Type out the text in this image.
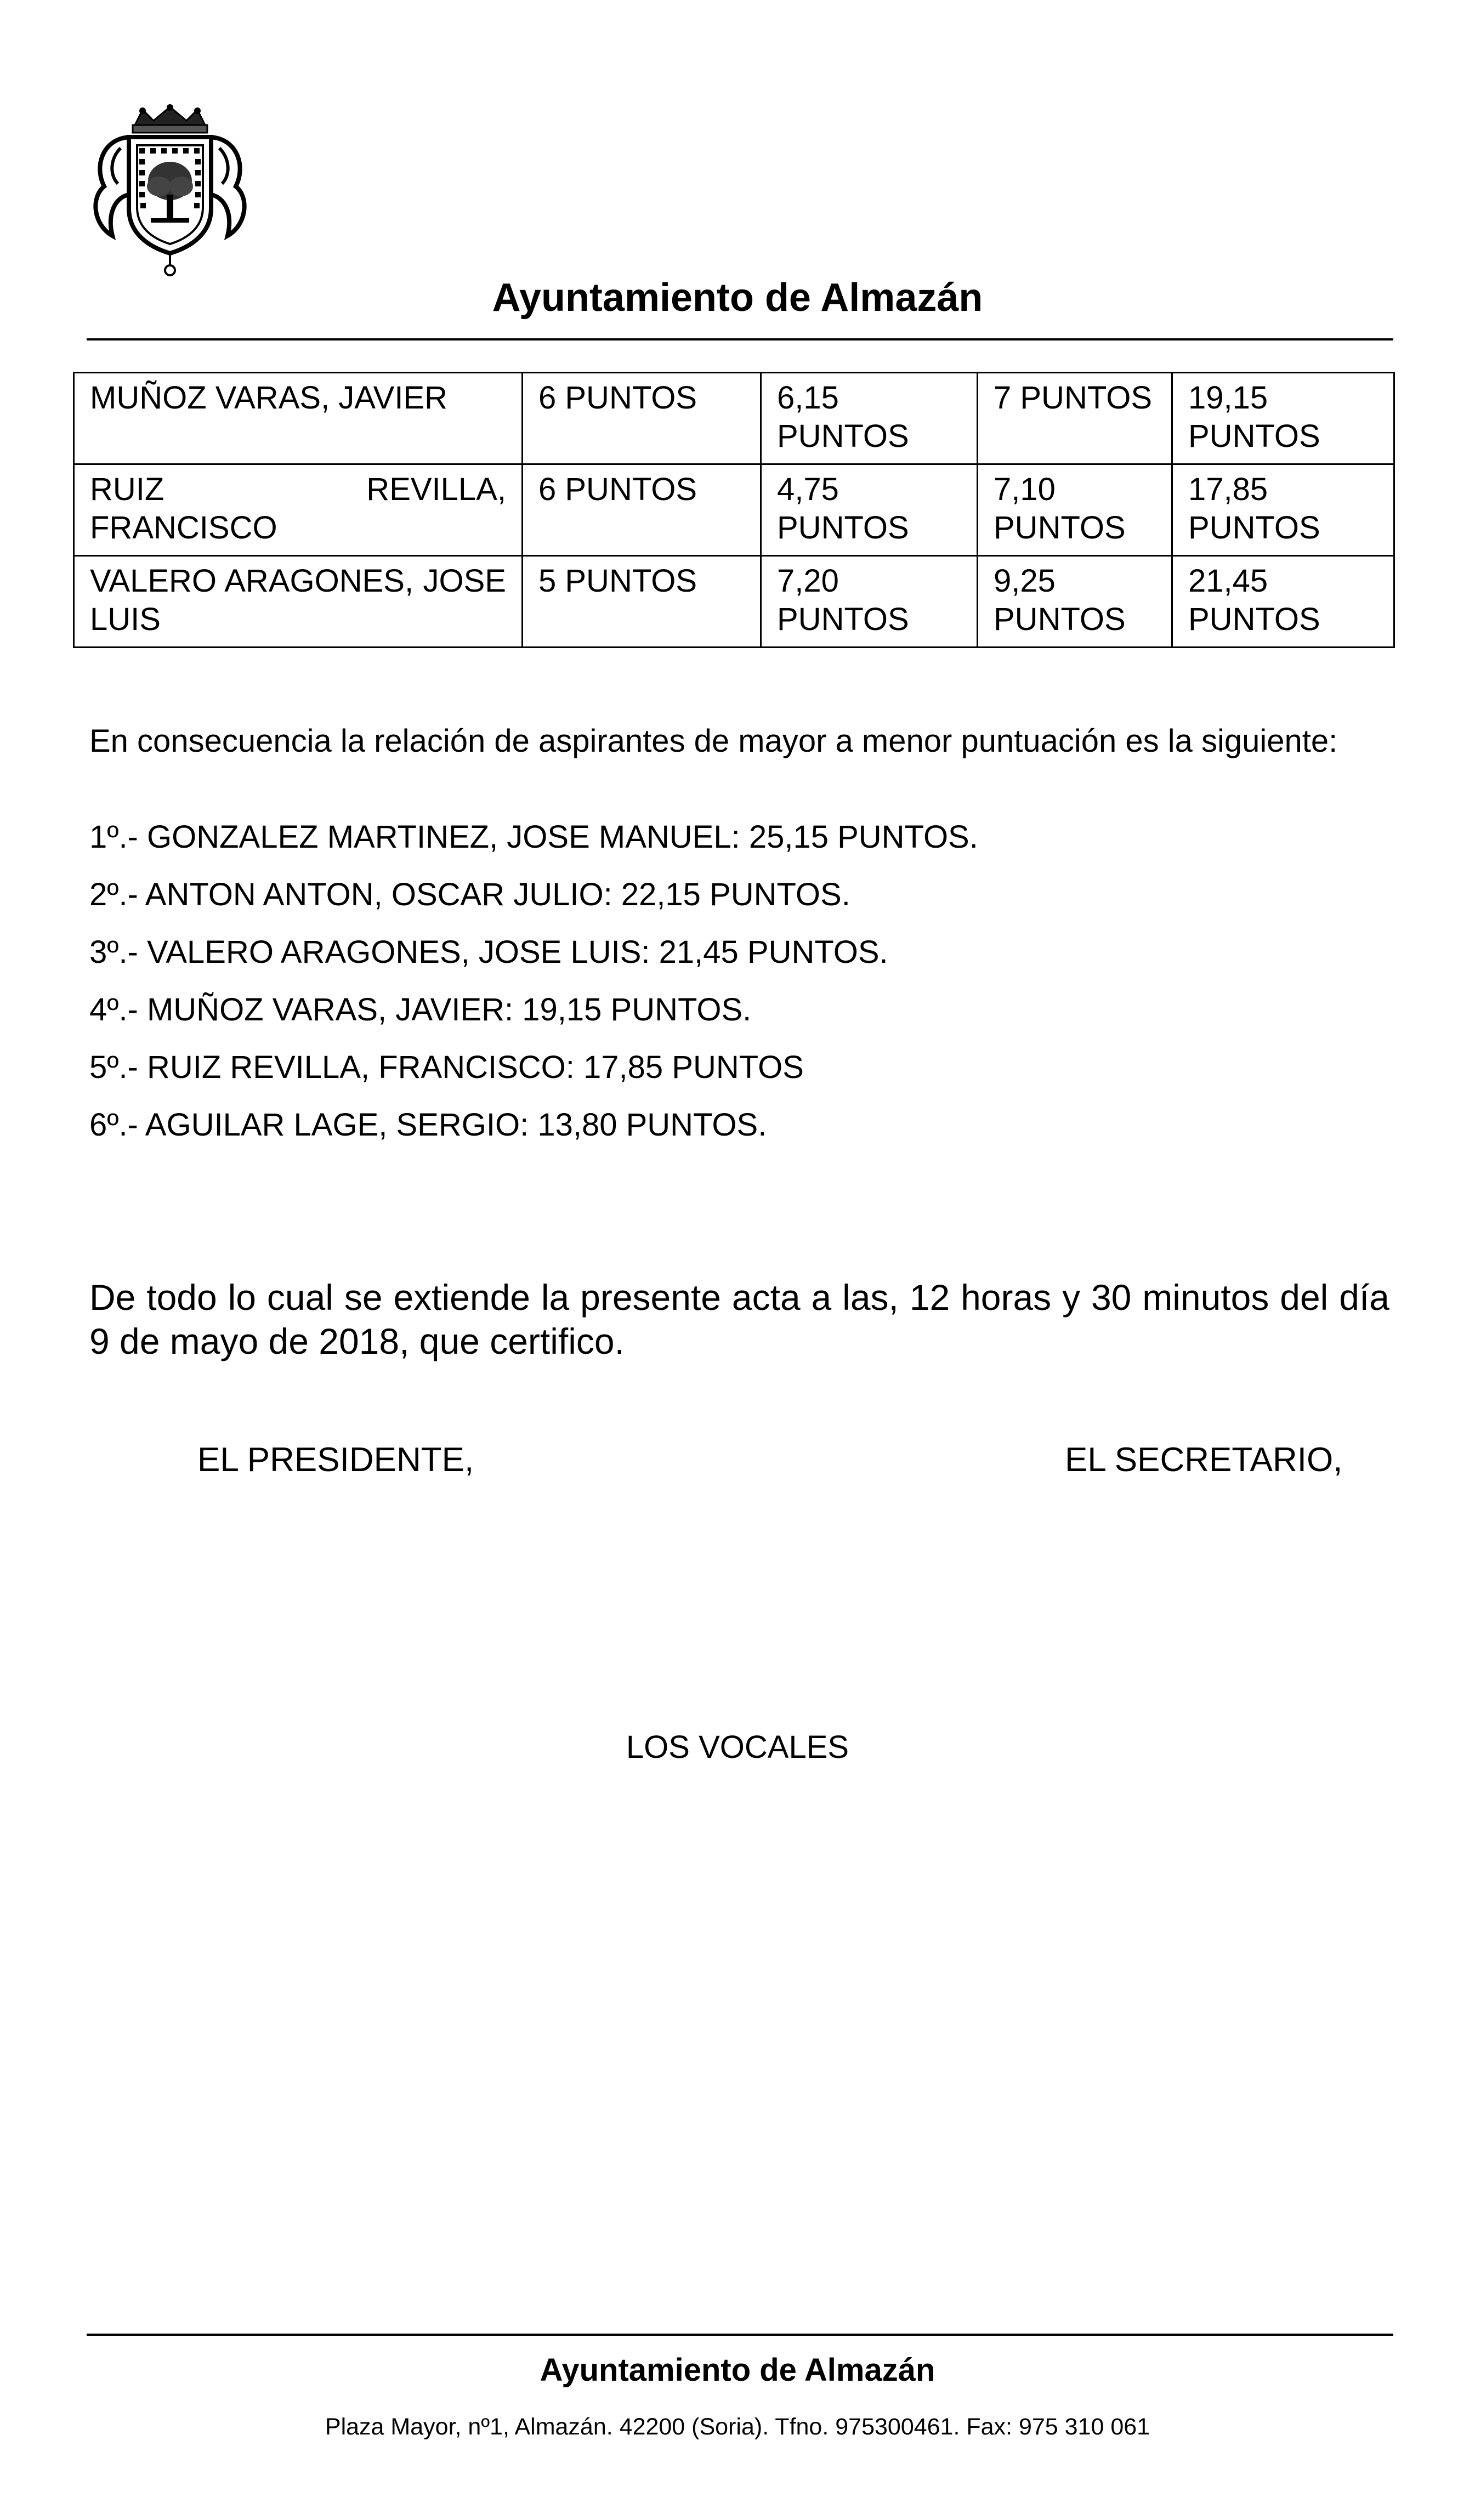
Ayuntamiento de Almazán
MUÑOZ VARAS, JAVIER	6 PUNTOS	6,15 PUNTOS	7 PUNTOS	19,15 PUNTOS
RUIZ REVILLA, FRANCISCO	6 PUNTOS	4,75 PUNTOS	7,10 PUNTOS	17,85 PUNTOS
VALERO ARAGONES, JOSE LUIS	5 PUNTOS	7,20 PUNTOS	9,25 PUNTOS	21,45 PUNTOS
En consecuencia la relación de aspirantes de mayor a menor puntuación es la siguiente:
1º.- GONZALEZ MARTINEZ, JOSE MANUEL: 25,15 PUNTOS.
2º.- ANTON ANTON, OSCAR JULIO: 22,15 PUNTOS.
3º.- VALERO ARAGONES, JOSE LUIS: 21,45 PUNTOS.
4º.- MUÑOZ VARAS, JAVIER: 19,15 PUNTOS.
5º.- RUIZ REVILLA, FRANCISCO: 17,85 PUNTOS
6º.- AGUILAR LAGE, SERGIO: 13,80 PUNTOS.
De todo lo cual se extiende la presente acta a las, 12 horas y 30 minutos del día 9 de mayo de 2018, que certifico.
EL PRESIDENTE,	EL SECRETARIO,
LOS VOCALES
Ayuntamiento de Almazán
Plaza Mayor, nº1, Almazán. 42200 (Soria). Tfno. 975300461. Fax: 975 310 061
